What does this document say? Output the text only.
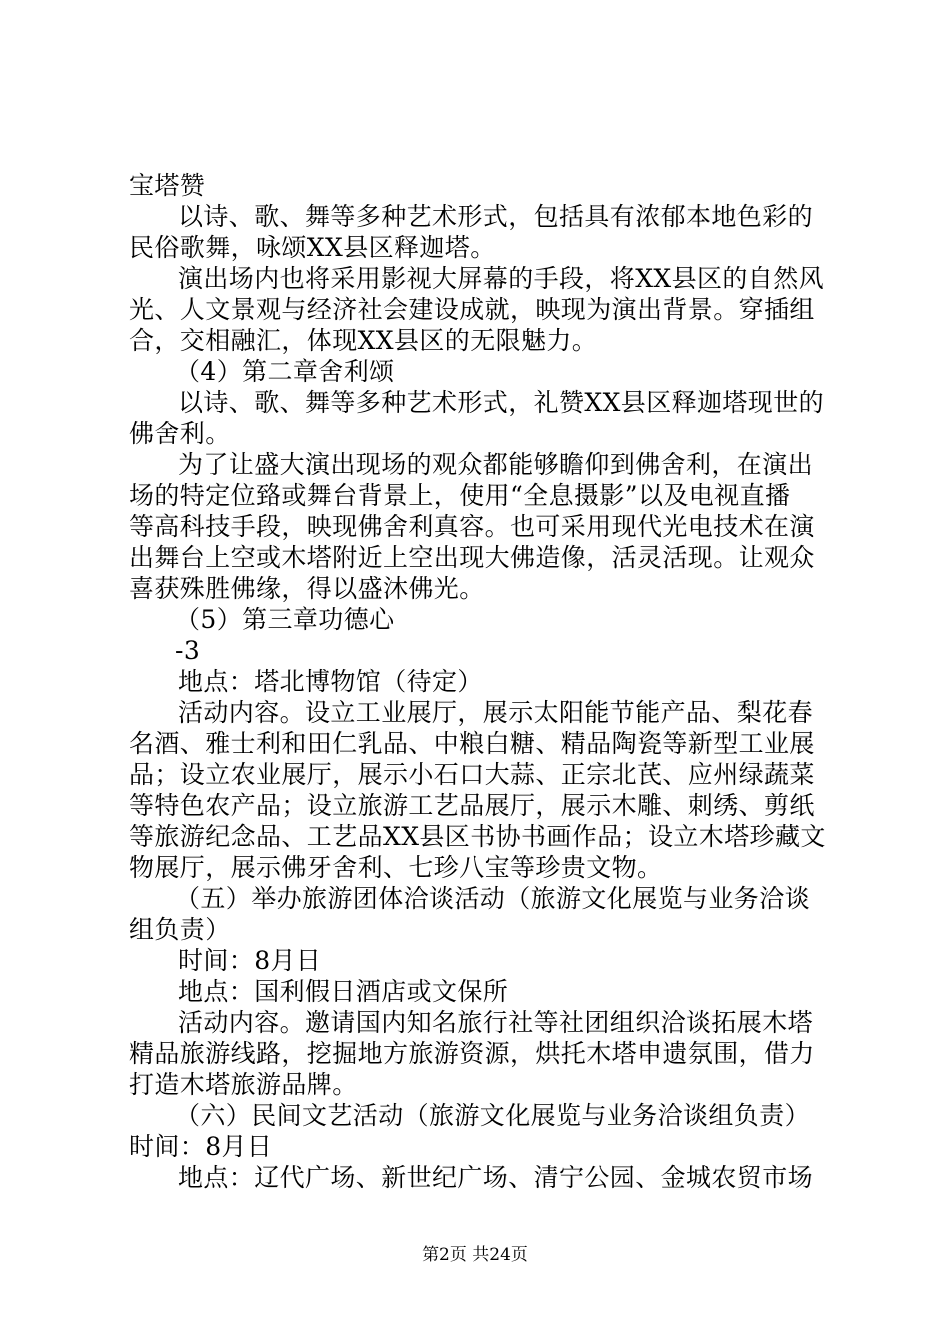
宝塔赞
以诗、歌、舞等多种艺术形式，包括具有浓郁本地色彩的
民俗歌舞，咏颂XX县区释迦塔。
演出场内也将采用影视大屏幕的手段，将XX县区的自然风
光、人文景观与经济社会建设成就，映现为演出背景。穿插组
合，交相融汇，体现XX县区的无限魅力。
（4）第二章舍利颂
以诗、歌、舞等多种艺术形式，礼赞XX县区释迦塔现世的
佛舍利。
为了让盛大演出现场的观众都能够瞻仰到佛舍利，在演出
场的特定位臵或舞台背景上，使用“全息摄影”以及电视直播
等高科技手段，映现佛舍利真容。也可采用现代光电技术在演
出舞台上空或木塔附近上空出现大佛造像，活灵活现。让观众
喜获殊胜佛缘，得以盛沐佛光。
（5）第三章功德心
-3
地点：塔北博物馆（待定）
活动内容。设立工业展厅，展示太阳能节能产品、梨花春
名酒、雅士利和田仁乳品、中粮白糖、精品陶瓷等新型工业展
品；设立农业展厅，展示小石口大蒜、正宗北芪、应州绿蔬菜
等特色农产品；设立旅游工艺品展厅，展示木雕、刺绣、剪纸
等旅游纪念品、工艺品XX县区书协书画作品；设立木塔珍藏文
物展厅，展示佛牙舍利、七珍八宝等珍贵文物。
（五）举办旅游团体洽谈活动（旅游文化展览与业务洽谈
组负责）
时间：8月日
地点：国利假日酒店或文保所
活动内容。邀请国内知名旅行社等社团组织洽谈拓展木塔
精品旅游线路，挖掘地方旅游资源，烘托木塔申遗氛围，借力
打造木塔旅游品牌。
（六）民间文艺活动（旅游文化展览与业务洽谈组负责）
时间：8月日
地点：辽代广场、新世纪广场、清宁公园、金城农贸市场
第2页 共24页
